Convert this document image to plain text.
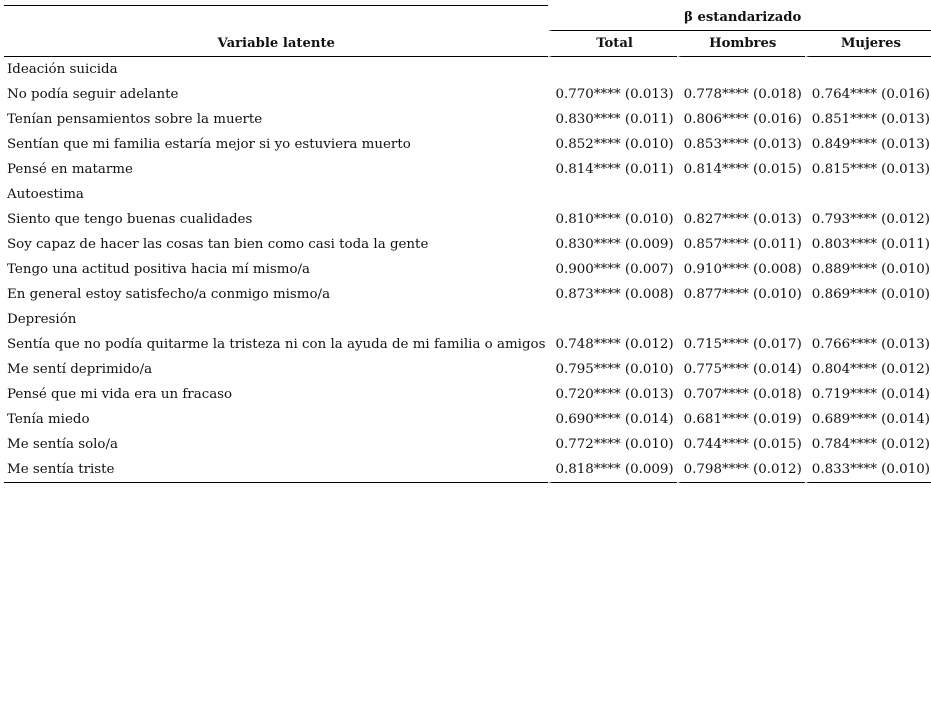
	β estandarizado		
Variable latente	Total	Hombres	Mujeres
Ideación suicida			
No podía seguir adelante	0.770**** (0.013)	0.778**** (0.018)	0.764**** (0.016)
Tenían pensamientos sobre la muerte	0.830**** (0.011)	0.806**** (0.016)	0.851**** (0.013)
Sentían que mi familia estaría mejor si yo estuviera muerto	0.852**** (0.010)	0.853**** (0.013)	0.849**** (0.013)
Pensé en matarme	0.814**** (0.011)	0.814**** (0.015)	0.815**** (0.013)
Autoestima			
Siento que tengo buenas cualidades	0.810**** (0.010)	0.827**** (0.013)	0.793**** (0.012)
Soy capaz de hacer las cosas tan bien como casi toda la gente	0.830**** (0.009)	0.857**** (0.011)	0.803**** (0.011)
Tengo una actitud positiva hacia mí mismo/a	0.900**** (0.007)	0.910**** (0.008)	0.889**** (0.010)
En general estoy satisfecho/a conmigo mismo/a	0.873**** (0.008)	0.877**** (0.010)	0.869**** (0.010)
Depresión			
Sentía que no podía quitarme la tristeza ni con la ayuda de mi familia o amigos	0.748**** (0.012)	0.715**** (0.017)	0.766**** (0.013)
Me sentí deprimido/a	0.795**** (0.010)	0.775**** (0.014)	0.804**** (0.012)
Pensé que mi vida era un fracaso	0.720**** (0.013)	0.707**** (0.018)	0.719**** (0.014)
Tenía miedo	0.690**** (0.014)	0.681**** (0.019)	0.689**** (0.014)
Me sentía solo/a	0.772**** (0.010)	0.744**** (0.015)	0.784**** (0.012)
Me sentía triste	0.818**** (0.009)	0.798**** (0.012)	0.833**** (0.010)
